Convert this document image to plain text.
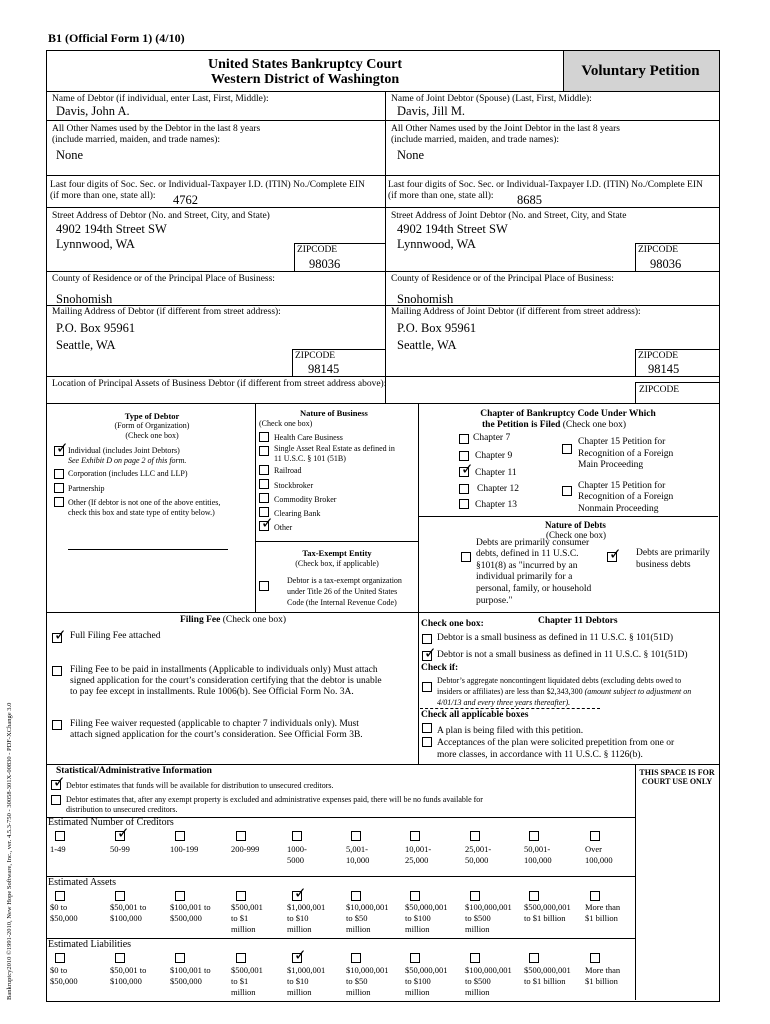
B1 (Official Form 1) (4/10)
United States Bankruptcy Court
Western District of Washington
Voluntary Petition
Bankruptcy2010 ©1991-2010, New Hope Software, Inc., ver. 4.5.3-750 - 30058-301X-00830 - PDF-XChange 3.0
Name of Debtor (if individual, enter Last, First, Middle):
Davis, John A.
All Other Names used by the Debtor in the last 8 years
(include married, maiden, and trade names):
None
Last four digits of Soc. Sec. or Individual-Taxpayer I.D. (ITIN) No./Complete EIN
(if more than one, state all): 4762
Street Address of Debtor (No. and Street, City, and State)
4902 194th Street SW
Lynnwood, WA	ZIPCODE
98036
County of Residence or of the Principal Place of Business:
Snohomish
Mailing Address of Debtor (if different from street address):
P.O. Box 95961
Seattle, WA
ZIPCODE
98145
Name of Joint Debtor (Spouse) (Last, First, Middle):
Davis, Jill M.
All Other Names used by the Joint Debtor in the last 8 years
(include married, maiden, and trade names):
None
Last four digits of Soc. Sec. or Individual-Taxpayer I.D. (ITIN) No./Complete EIN
(if more than one, state all): 8685
Street Address of Joint Debtor (No. and Street, City, and State
4902 194th Street SW
Lynnwood, WA	ZIPCODE
98036
County of Residence or of the Principal Place of Business:
Snohomish
Mailing Address of Joint Debtor (if different from street address):
P.O. Box 95961
Seattle, WA
ZIPCODE
98145
Location of Principal Assets of Business Debtor (if different from street address above):
ZIPCODE
Type of Debtor
(Form of Organization)
(Check one box)
✓
Individual (includes Joint Debtors)
See Exhibit D on page 2 of this form.
Corporation (includes LLC and LLP)
Partnership
Other (If debtor is not one of the above entities,
check this box and state type of entity below.)
Nature of Business
(Check one box)
Health Care Business
Single Asset Real Estate as defined in
11 U.S.C. § 101 (51B)
Railroad
Stockbroker
Commodity Broker
Clearing Bank
✓
Other
Tax-Exempt Entity
(Check box, if applicable)
Debtor is a tax-exempt organization
under Title 26 of the United States
Code (the Internal Revenue Code)
Chapter of Bankruptcy Code Under Which
the Petition is Filed (Check one box)
Chapter 7
Chapter 9
✓
Chapter 11
Chapter 12
Chapter 13
Chapter 15 Petition for
Recognition of a Foreign
Main Proceeding
Chapter 15 Petition for
Recognition of a Foreign
Nonmain Proceeding
Nature of Debts
(Check one box)
Debts are primarily consumer
debts, defined in 11 U.S.C.
§101(8) as "incurred by an
individual primarily for a
personal, family, or household
purpose."
✓
Debts are primarily
business debts
Filing Fee (Check one box)
✓
Full Filing Fee attached
Filing Fee to be paid in installments (Applicable to individuals only) Must attach
signed application for the court’s consideration certifying that the debtor is unable
to pay fee except in installments. Rule 1006(b). See Official Form No. 3A.
Filing Fee waiver requested (applicable to chapter 7 individuals only). Must
attach signed application for the court’s consideration. See Official Form 3B.
Check one box:	Chapter 11 Debtors
Debtor is a small business as defined in 11 U.S.C. § 101(51D)
✓
Debtor is not a small business as defined in 11 U.S.C. § 101(51D)
Check if:
Debtor’s aggregate noncontingent liquidated debts (excluding debts owed to
insiders or affiliates) are less than $2,343,300 (amount subject to adjustment on
4/01/13 and every three years thereafter).
Check all applicable boxes
A plan is being filed with this petition.
Acceptances of the plan were solicited prepetition from one or
more classes, in accordance with 11 U.S.C. § 1126(b).
Statistical/Administrative Information	THIS SPACE IS FOR
COURT USE ONLY
✓
Debtor estimates that funds will be available for distribution to unsecured creditors.
Debtor estimates that, after any exempt property is excluded and administrative expenses paid, there will be no funds available for
distribution to unsecured creditors.
Estimated Number of Creditors
1-49
✓	50-99	100-199	200-999	1000-
5000
5,001-
10,000
10,001-
25,000
25,001-
50,000
50,001-
100,000
Over
100,000
Estimated Assets
$0 to
$50,000
$50,001 to
$100,000
$100,001 to
$500,000
$500,001
to $1
million
✓
$1,000,001
to $10
million
$10,000,001
to $50
million
$50,000,001
to $100
million
$100,000,001
to $500
million
$500,000,001
to $1 billion
More than
$1 billion
Estimated Liabilities
$0 to
$50,000
$50,001 to
$100,000
$100,001 to
$500,000
$500,001
to $1
million
✓
$1,000,001
to $10
million
$10,000,001
to $50
million
$50,000,001
to $100
million
$100,000,001
to $500
million
$500,000,001
to $1 billion
More than
$1 billion
